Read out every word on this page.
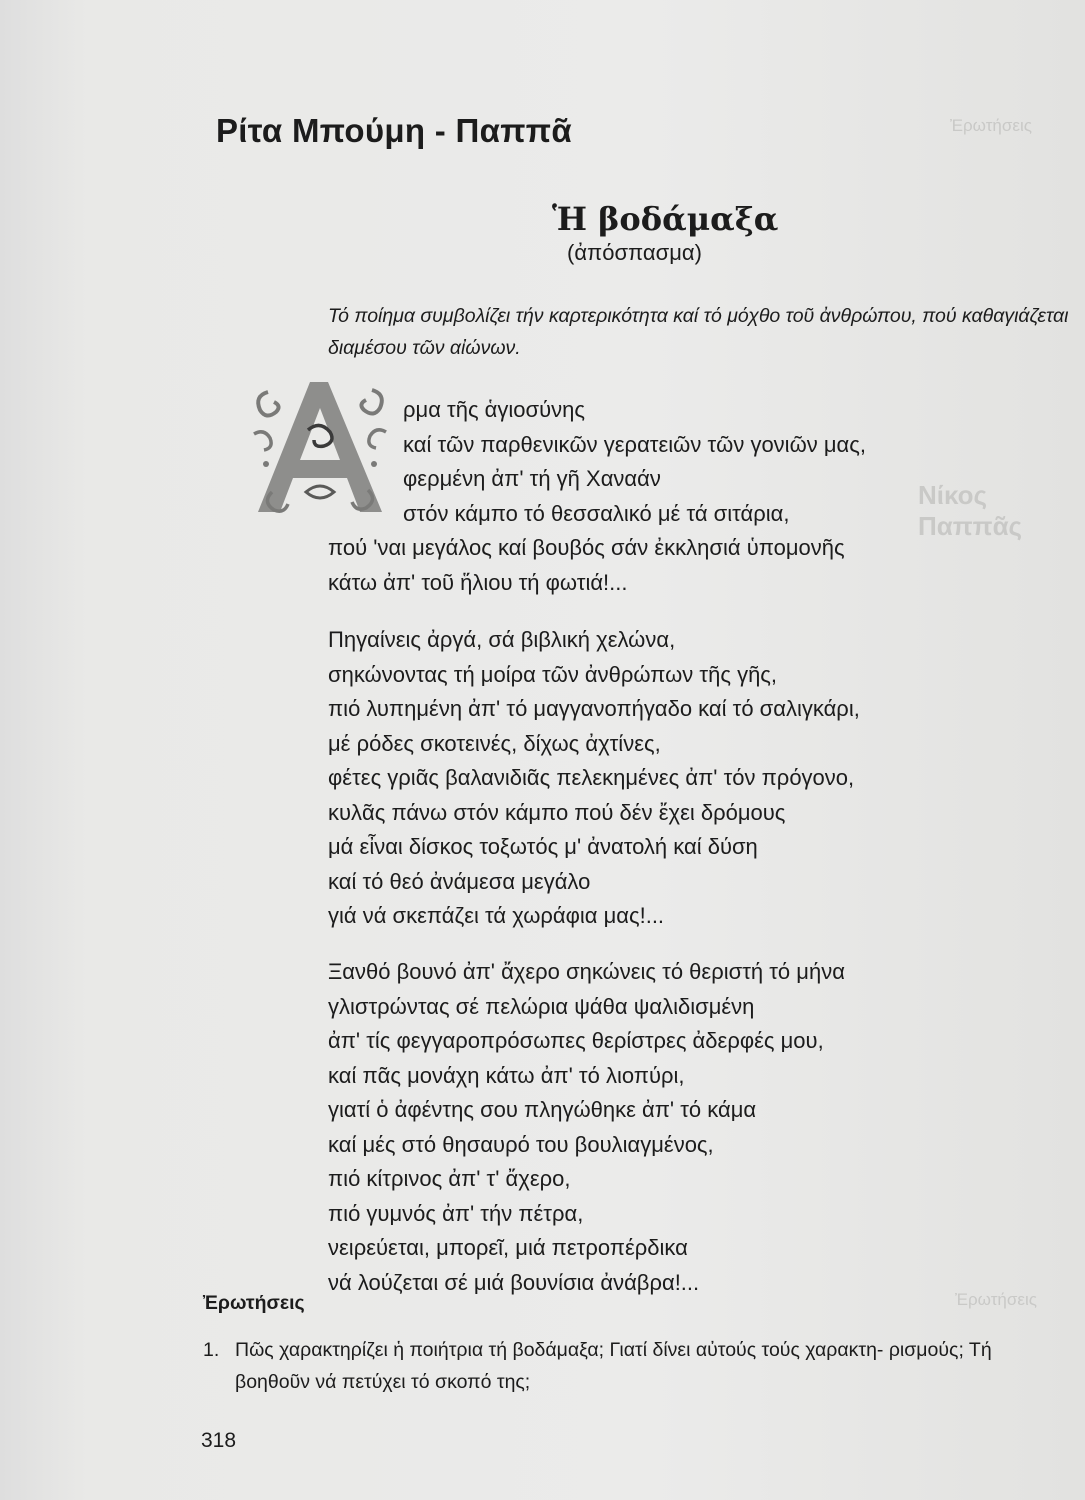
Ἐρωτήσεις
Νίκος Παππᾶς
Ἐρωτήσεις
Ρίτα Μπούμη - Παππᾶ
Ἡ βοδάμαξα
(ἀπόσπασμα)
Τό ποίημα συμβολίζει τήν καρτερικότητα καί τό μόχθο τοῦ ἀνθρώπου, πού καθαγιάζεται διαμέσου τῶν αἰώνων.
ρμα τῆς ἁγιοσύνης
καί τῶν παρθενικῶν γερατειῶν τῶν γονιῶν μας,
φερμένη ἀπ' τή γῆ Χαναάν
στόν κάμπο τό θεσσαλικό μέ τά σιτάρια,
πού 'ναι μεγάλος καί βουβός σάν ἐκκλησιά ὑπομονῆς
κάτω ἀπ' τοῦ ἥλιου τή φωτιά!...
Πηγαίνεις ἀργά, σά βιβλική χελώνα,
σηκώνοντας τή μοίρα τῶν ἀνθρώπων τῆς γῆς,
πιό λυπημένη ἀπ' τό μαγγανοπήγαδο καί τό σαλιγκάρι,
μέ ρόδες σκοτεινές, δίχως ἀχτίνες,
φέτες γριᾶς βαλανιδιᾶς πελεκημένες ἀπ' τόν πρόγονο,
κυλᾶς πάνω στόν κάμπο πού δέν ἔχει δρόμους
μά εἶναι δίσκος τοξωτός μ' ἀνατολή καί δύση
καί τό θεό ἀνάμεσα μεγάλο
γιά νά σκεπάζει τά χωράφια μας!...
Ξανθό βουνό ἀπ' ἄχερο σηκώνεις τό θεριστή τό μήνα
γλιστρώντας σέ πελώρια ψάθα ψαλιδισμένη
ἀπ' τίς φεγγαροπρόσωπες θερίστρες ἀδερφές μου,
καί πᾶς μονάχη κάτω ἀπ' τό λιοπύρι,
γιατί ὁ ἀφέντης σου πληγώθηκε ἀπ' τό κάμα
καί μές στό θησαυρό του βουλιαγμένος,
πιό κίτρινος ἀπ' τ' ἄχερο,
πιό γυμνός ἀπ' τήν πέτρα,
νειρεύεται, μπορεῖ, μιά πετροπέρδικα
νά λούζεται σέ μιά βουνίσια ἀνάβρα!...
Ἐρωτήσεις
1. Πῶς χαρακτηρίζει ἡ ποιήτρια τή βοδάμαξα; Γιατί δίνει αὐτούς τούς χαρακτη- ρισμούς; Τή βοηθοῦν νά πετύχει τό σκοπό της;
318
